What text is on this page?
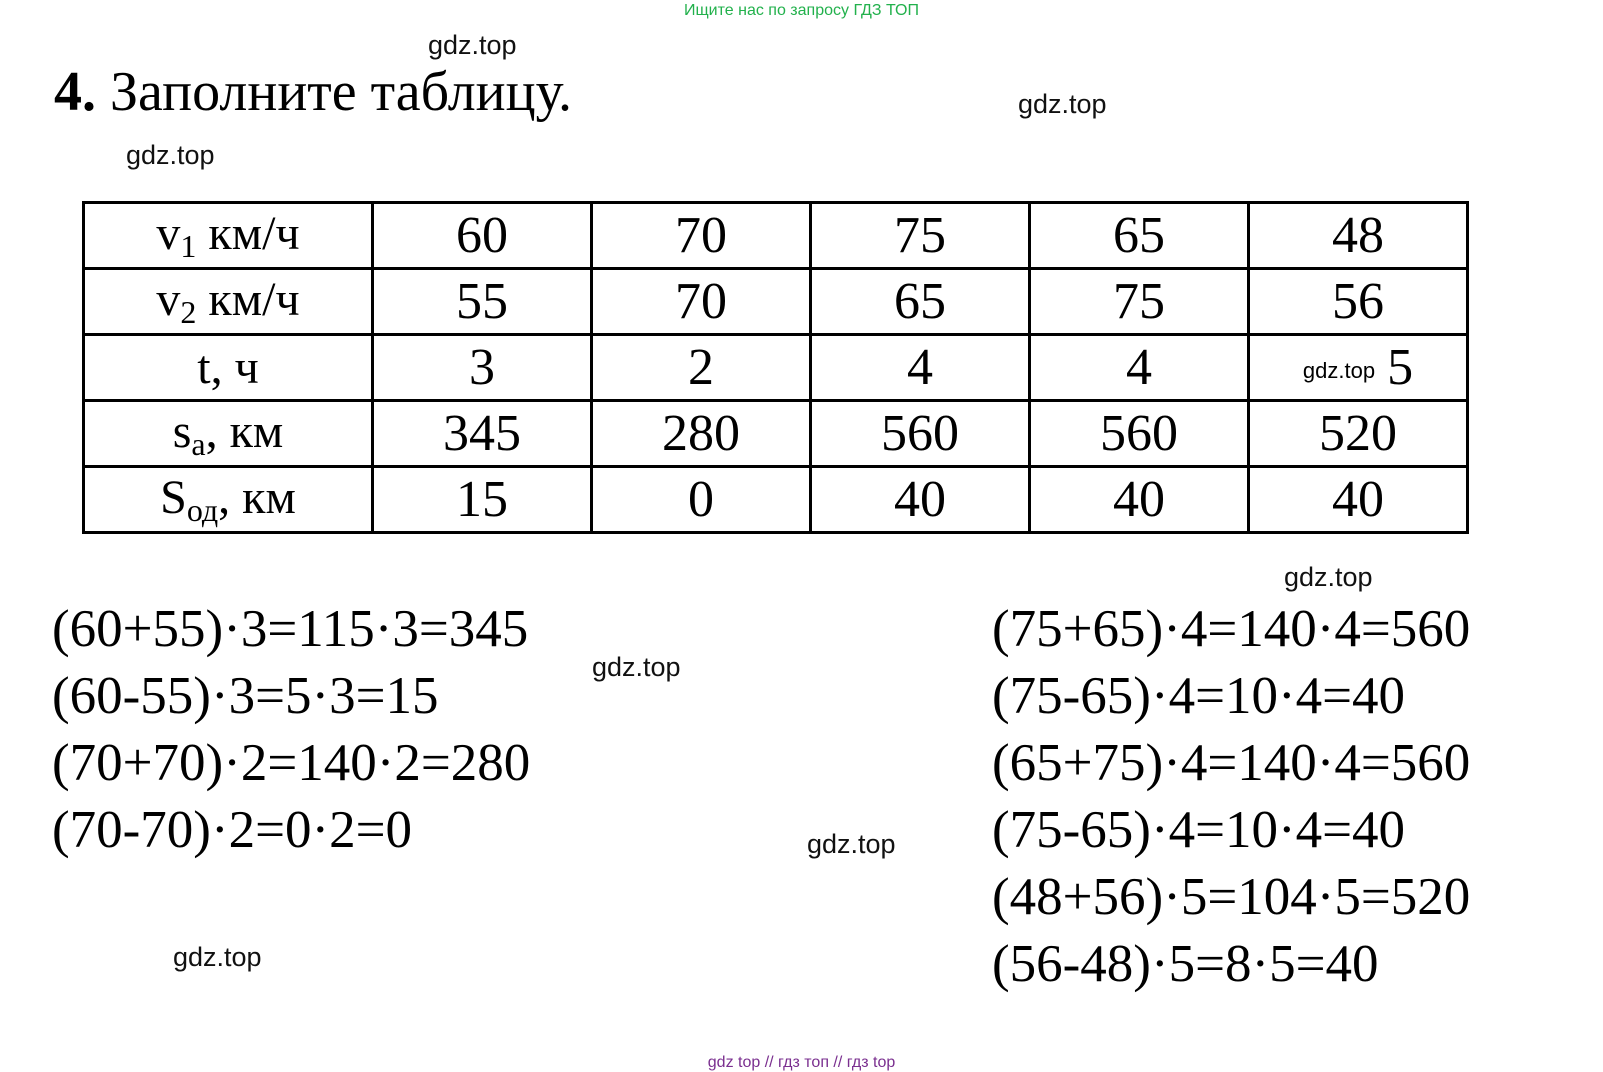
Ищите нас по запросу ГДЗ ТОП
gdz.top
gdz.top
gdz.top
gdz.top
gdz.top
gdz.top
gdz.top
4. Заполните таблицу.
$v_1$ км/ч	60	70	75	65	48
$v_2$ км/ч	55	70	65	75	56
t, ч	3	2	4	4	gdz.top 5
$s_а$, км	345	280	560	560	520
$S_{од}$, км	15	0	40	40	40
(60+55)·3=115·3=345
(60-55)·3=5·3=15
(70+70)·2=140·2=280
(70-70)·2=0·2=0
(75+65)·4=140·4=560
(75-65)·4=10·4=40
(65+75)·4=140·4=560
(75-65)·4=10·4=40
(48+56)·5=104·5=520
(56-48)·5=8·5=40
gdz top // гдз топ // гдз top
